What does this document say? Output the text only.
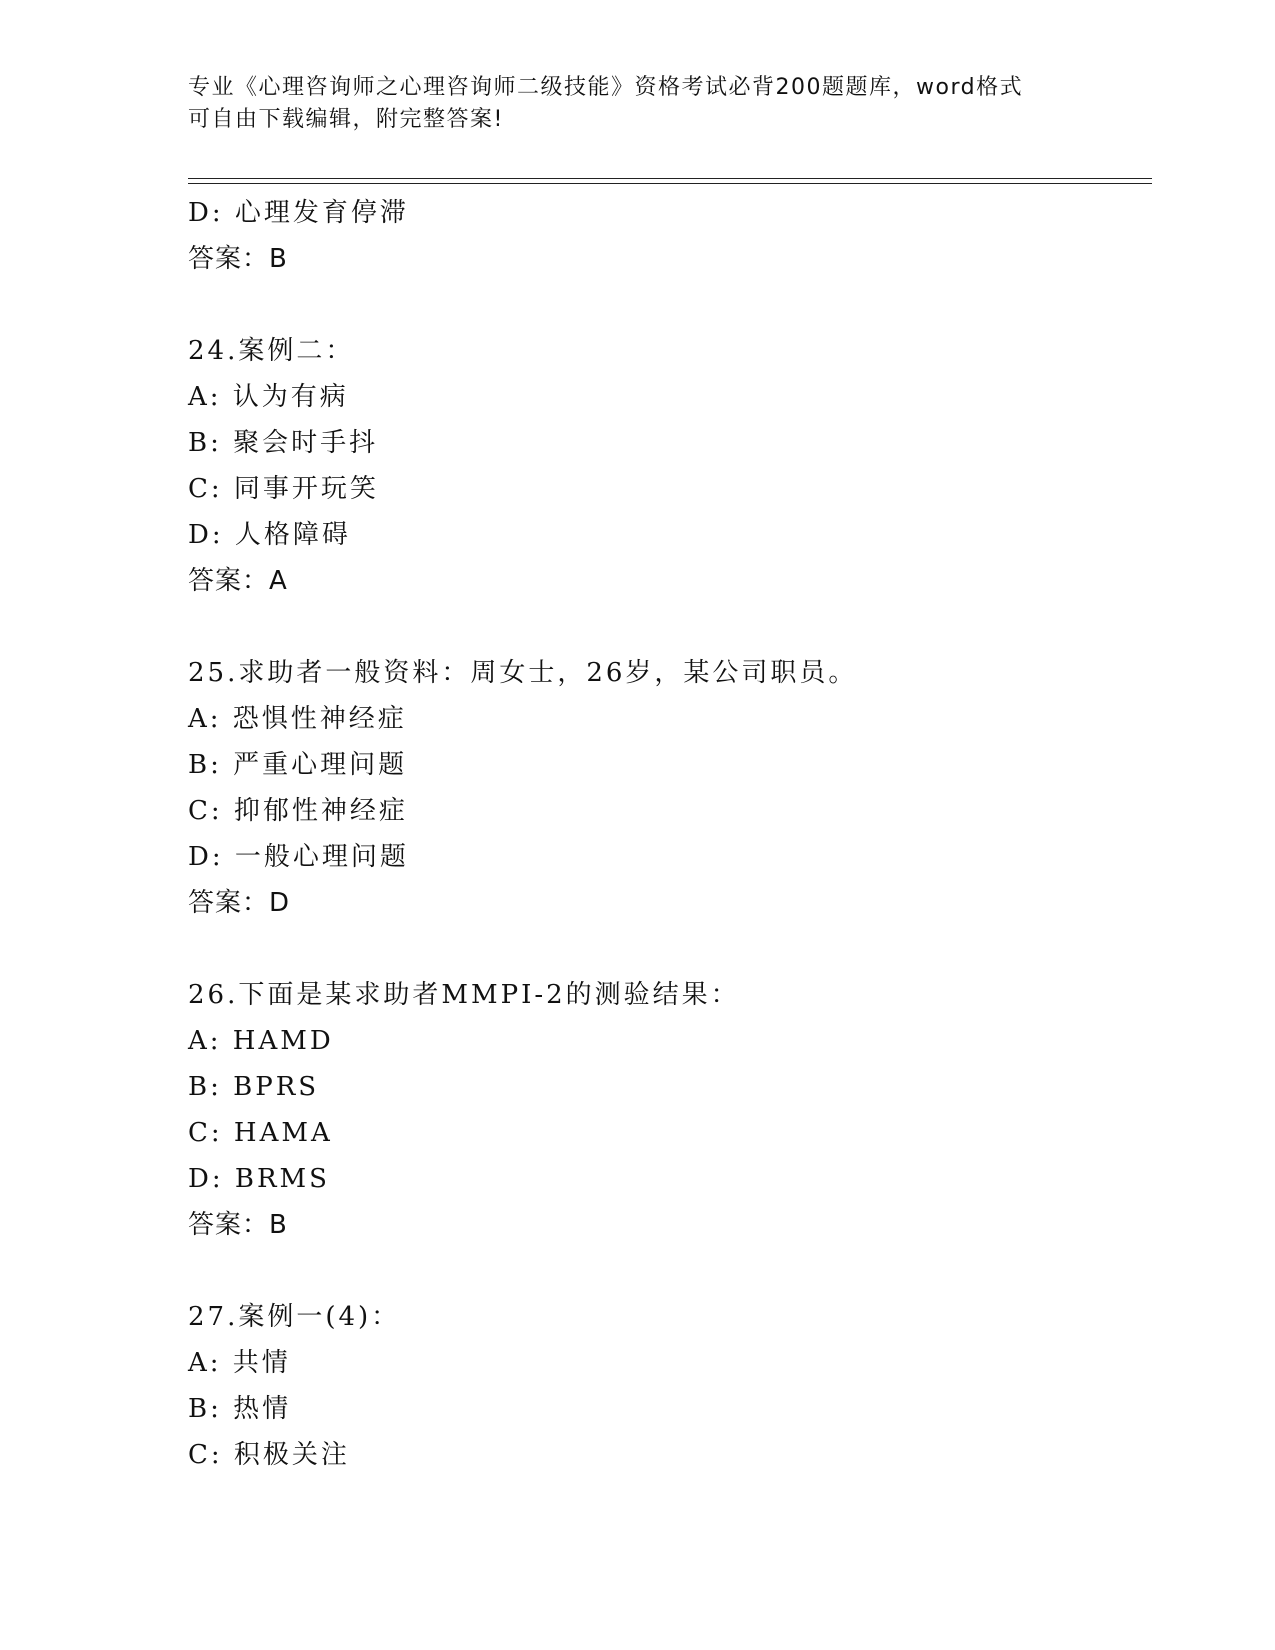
专业《心理咨询师之心理咨询师二级技能》资格考试必背200题题库，word格式
可自由下载编辑，附完整答案!
D: 心理发育停滞
答案：B
24.案例二：
A: 认为有病
B: 聚会时手抖
C: 同事开玩笑
D: 人格障碍
答案：A
25.求助者一般资料：周女士，26岁，某公司职员。
A: 恐惧性神经症
B: 严重心理问题
C: 抑郁性神经症
D: 一般心理问题
答案：D
26.下面是某求助者MMPI-2的测验结果：
A: HAMD
B: BPRS
C: HAMA
D: BRMS
答案：B
27.案例一(4)：
A: 共情
B: 热情
C: 积极关注
